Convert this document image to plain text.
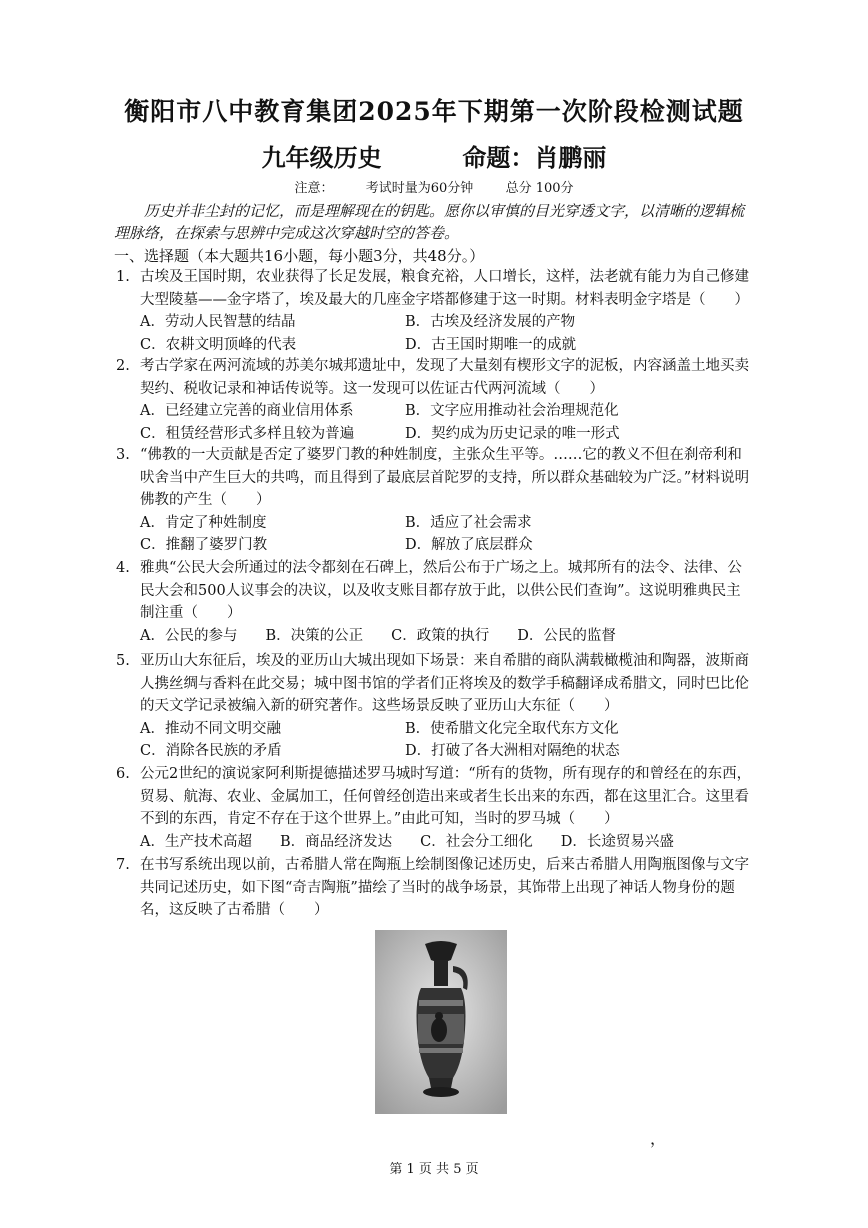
衡阳市八中教育集团2025年下期第一次阶段检测试题
九年级历史	命题：肖鹏丽
注意： 考试时量为60分钟 总分 100分
历史并非尘封的记忆，而是理解现在的钥匙。愿你以审慎的目光穿透文字，以清晰的逻辑梳理脉络，在探索与思辨中完成这次穿越时空的答卷。
一、选择题（本大题共16小题，每小题3分，共48分。）
1. 古埃及王国时期，农业获得了长足发展，粮食充裕，人口增长，这样，法老就有能力为自己修建大型陵墓——金字塔了，埃及最大的几座金字塔都修建于这一时期。材料表明金字塔是（　　）
A．劳动人民智慧的结晶	B．古埃及经济发展的产物
C．农耕文明顶峰的代表	D．古王国时期唯一的成就
2. 考古学家在两河流域的苏美尔城邦遗址中，发现了大量刻有楔形文字的泥板，内容涵盖土地买卖契约、税收记录和神话传说等。这一发现可以佐证古代两河流域（　　）
A．已经建立完善的商业信用体系	B．文字应用推动社会治理规范化
C．租赁经营形式多样且较为普遍	D．契约成为历史记录的唯一形式
3. “佛教的一大贡献是否定了婆罗门教的种姓制度，主张众生平等。……它的教义不但在刹帝利和吠舍当中产生巨大的共鸣，而且得到了最底层首陀罗的支持，所以群众基础较为广泛。”材料说明佛教的产生（　　）
A．肯定了种姓制度	B．适应了社会需求
C．推翻了婆罗门教	D．解放了底层群众
4. 雅典“公民大会所通过的法令都刻在石碑上，然后公布于广场之上。城邦所有的法令、法律、公民大会和500人议事会的决议，以及收支账目都存放于此，以供公民们查询”。这说明雅典民主制注重（　　）
A．公民的参与 B．决策的公正 C．政策的执行 D．公民的监督
5. 亚历山大东征后，埃及的亚历山大城出现如下场景：来自希腊的商队满载橄榄油和陶器，波斯商人携丝绸与香料在此交易；城中图书馆的学者们正将埃及的数学手稿翻译成希腊文，同时巴比伦的天文学记录被编入新的研究著作。这些场景反映了亚历山大东征（　　）
A．推动不同文明交融	B．使希腊文化完全取代东方文化
C．消除各民族的矛盾	D．打破了各大洲相对隔绝的状态
6. 公元2世纪的演说家阿利斯提德描述罗马城时写道：“所有的货物，所有现存的和曾经在的东西，贸易、航海、农业、金属加工，任何曾经创造出来或者生长出来的东西，都在这里汇合。这里看不到的东西，肯定不存在于这个世界上。”由此可知，当时的罗马城（　　）
A．生产技术高超 B．商品经济发达 C．社会分工细化 D．长途贸易兴盛
7. 在书写系统出现以前，古希腊人常在陶瓶上绘制图像记述历史，后来古希腊人用陶瓶图像与文字共同记述历史，如下图“奇吉陶瓶”描绘了当时的战争场景，其饰带上出现了神话人物身份的题名，这反映了古希腊（　　）
，
第 1 页 共 5 页
